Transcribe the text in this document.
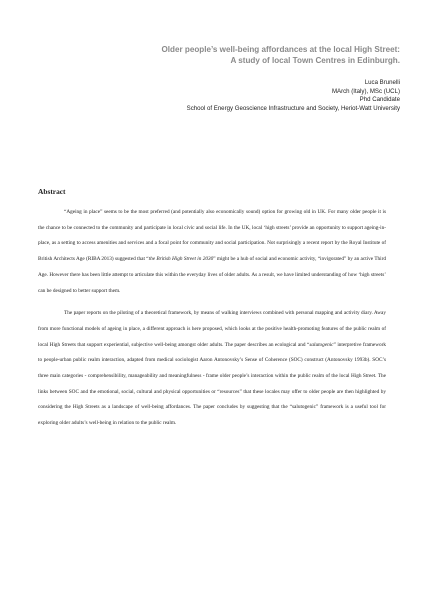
Older people’s well-being affordances at the local High Street:
A study of local Town Centres in Edinburgh.
Luca Brunelli
MArch (Italy), MSc (UCL)
Phd Candidate
School of Energy Geoscience Infrastructure and Society, Heriot-Watt University
Abstract

“Ageing in place” seems to be the most preferred (and potentially also economically sound) option for growing old in UK. For many older people it is the chance to be connected to the community and participate in local civic and social life. In the UK, local ‘high streets’ provide an opportunity to support ageing-in-place, as a setting to access amenities and services and a focal point for community and social participation. Not surprisingly a recent report by the Royal Institute of British Architects Age (RIBA 2013) suggested that “the British High Street in 2030” might be a hub of social and economic activity, “invigorated” by an active Third Age. However there has been little attempt to articulate this within the everyday lives of older adults. As a result, we have limited understanding of how ‘high streets’ can be designed to better support them.

The paper reports on the piloting of a theoretical framework, by means of walking interviews combined with personal mapping and activity diary. Away from more functional models of ageing in place, a different approach is here proposed, which looks at the positive health-promoting features of the public realm of local High Streets that support experiential, subjective well-being amongst older adults. The paper describes an ecological and “salutogenic” interpretive framework to people-urban public realm interaction, adapted from medical sociologist Aaron Antonovsky’s Sense of Coherence (SOC) construct (Antonovsky 1993b). SOC’s three main categories - comprehensibility, manageability and meaningfulness - frame older people’s interaction within the public realm of the local High Street. The links between SOC and the emotional, social, cultural and physical opportunities or “resources” that these locales may offer to older people are then highlighted by considering the High Streets as a landscape of well-being affordances. The paper concludes by suggesting that the “salutogenic” framework is a useful tool for exploring older adults’s well-being in relation to the public realm.
